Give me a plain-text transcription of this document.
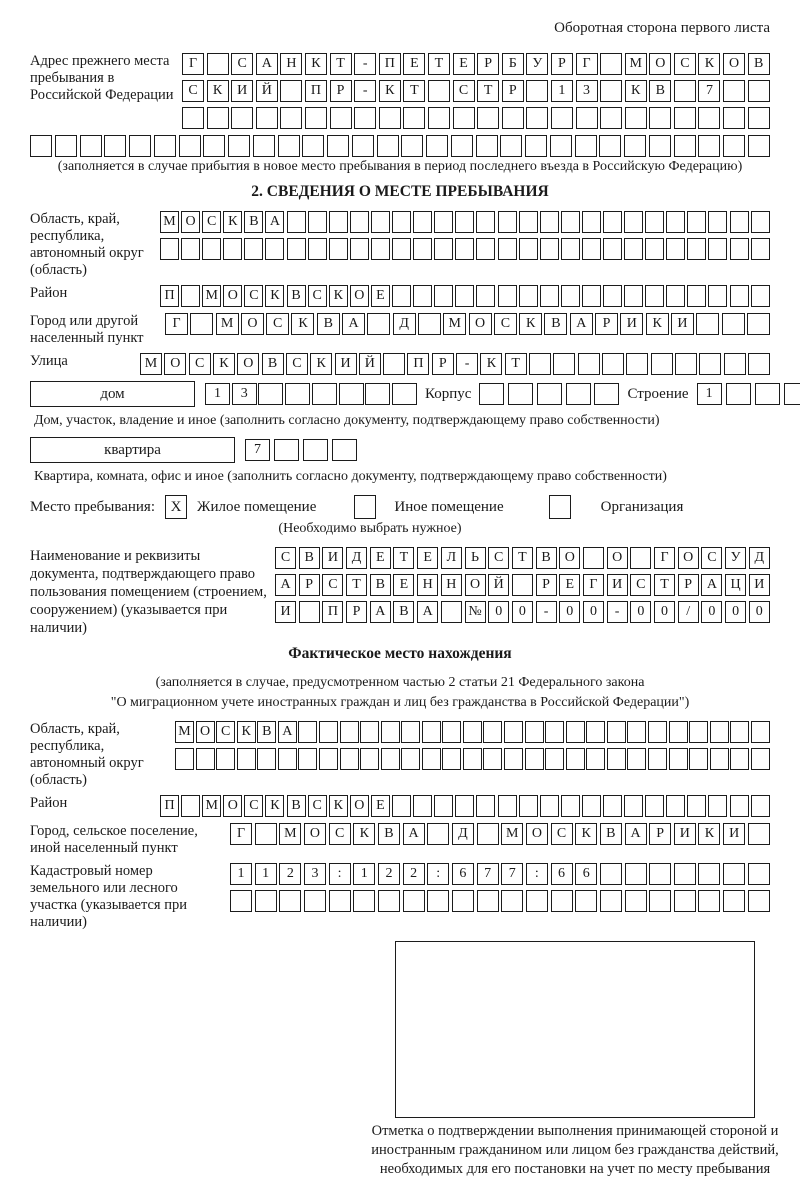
Оборотная сторона первого листа
Адрес прежнего места пребывания в Российской Федерации
Г	С	А	Н	К	Т	-	П	Е	Т	Е	Р	Б	У	Р	Г	М О	С	К	О	В
С	К	И	Й	П	Р	-	К	Т	С	Т	Р	1	3	К	В	7
(заполняется в случае прибытия в новое место пребывания в период последнего въезда в Российскую Федерацию)
2. СВЕДЕНИЯ О МЕСТЕ ПРЕБЫВАНИЯ
Область, край, республика, автономный округ (область)
М О С К В А
Район	П	М О С К В С К О Е
Город или другой населенный пункт
Г	М	О	С	К	В	А	Д	М	О	С	К	В	А	Р	И	К	И
Улица	М О	С	К	О	В	С	К	И	Й	П	Р	-	К	Т
дом	1	3	Корпус	Строение	1
Дом, участок, владение и иное (заполнить согласно документу, подтверждающему право собственности)
квартира	7
Квартира, комната, офис и иное (заполнить согласно документу, подтверждающему право собственности)
Место пребывания:	X	Жилое помещение	Иное помещение	Организация
(Необходимо выбрать нужное)
Наименование и реквизиты документа, подтверждающего право пользования помещением (строением, сооружением) (указывается при наличии)
С	В И Д	Е	Т	Е	Л	Ь	С	Т	В О	О	Г	О С	У Д
А	Р	С	Т	В	Е	Н Н О Й	Р	Е	Г	И С	Т	Р	А Ц И
И	П	Р	А В А	№ 0	0	-	0	0	-	0	0	/	0	0	0
Фактическое место нахождения
(заполняется в случае, предусмотренном частью 2 статьи 21 Федерального закона
"О миграционном учете иностранных граждан и лиц без гражданства в Российской Федерации")
Область, край, республика, автономный округ (область)
М О С К В А
Район	П	М О С К В С К О Е
Город, сельское поселение, иной населенный пункт
Г	М О	С	К	В	А	Д	М О	С	К	В	А	Р	И	К	И
Кадастровый номер земельного или лесного участка (указывается при наличии)
1	1	2	3	:	1	2	2	:	6	7	7	:	6	6
Отметка о подтверждении выполнения принимающей стороной и иностранным гражданином или лицом без гражданства действий, необходимых для его постановки на учет по месту пребывания
